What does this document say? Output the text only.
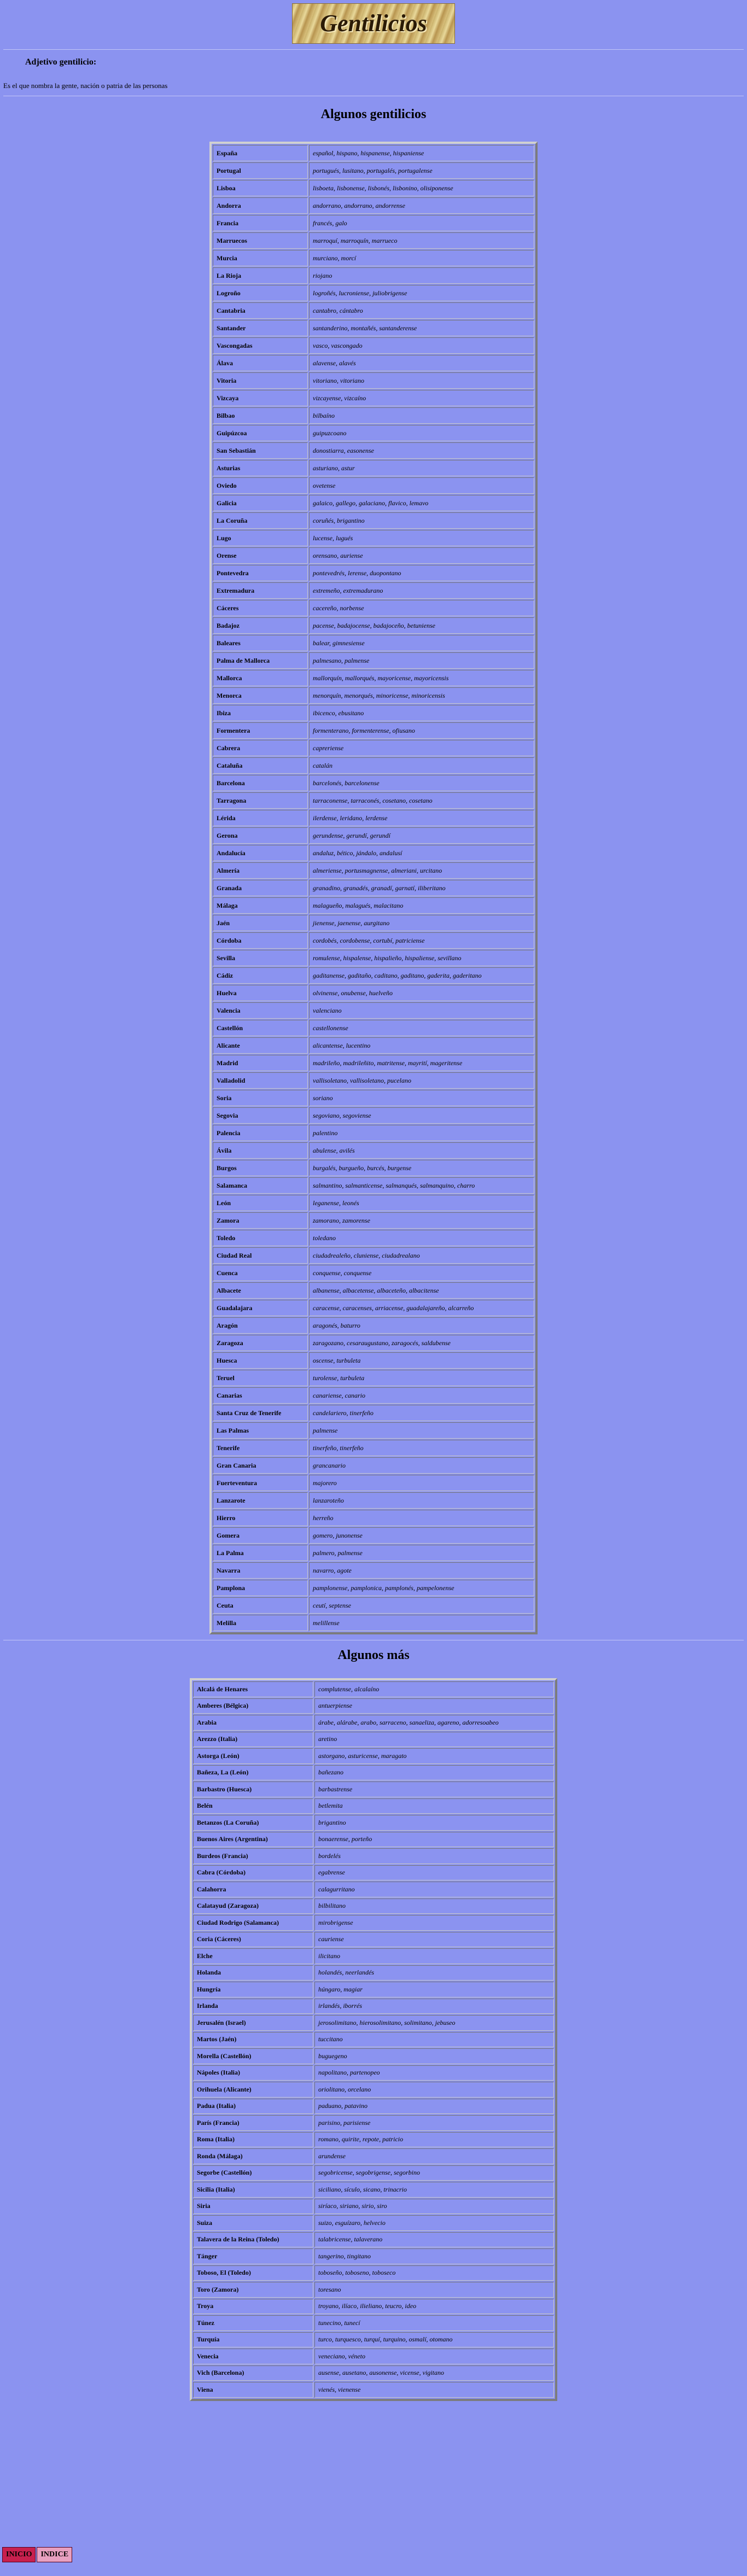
Gentilicios
Adjetivo gentilicio:
Es el que nombra la gente, nación o patria de las personas
Algunos gentilicios
España	español, hispano, hispanense, hispaniense
Portugal	portugués, lusitano, portugalés, portugalense
Lisboa	lisboeta, lisbonense, lisbonés, lisbonino, olisiponense
Andorra	andorrano, andorrano, andorrense
Francia	francés, galo
Marruecos	marroquí, marroquín, marrueco
Murcia	murciano, morcí
La Rioja	riojano
Logroño	logroñés, lucroniense, juliobrigense
Cantabria	cantabro, cántabro
Santander	santanderino, montañés, santanderense
Vascongadas	vasco, vascongado
Álava	alavense, alavés
Vitoria	vitoriano, vitoriano
Vizcaya	vizcayense, vizcaíno
Bilbao	bilbaíno
Guipúzcoa	guipuzcoano
San Sebastián	donostiarra, easonense
Asturias	asturiano, astur
Oviedo	ovetense
Galicia	galaico, gallego, galaciano, flavico, lemavo
La Coruña	coruñés, brigantino
Lugo	lucense, lugués
Orense	orensano, auriense
Pontevedra	pontevedrés, lerense, duopontano
Extremadura	extremeño, extremadurano
Cáceres	cacereño, norbense
Badajoz	pacense, badajocense, badajoceño, betuniense
Baleares	balear, gimnesiense
Palma de Mallorca	palmesano, palmense
Mallorca	mallorquín, mallorqués, mayoricense, mayoricensis
Menorca	menorquín, menorqués, minoricense, minoricensis
Ibiza	ibicenco, ebusitano
Formentera	formenterano, formenterense, ofiusano
Cabrera	capreriense
Cataluña	catalán
Barcelona	barcelonés, barcelonense
Tarragona	tarraconense, tarraconés, cosetano, cosetano
Lérida	ilerdense, leridano, lerdense
Gerona	gerundense, gerundí, gerundí
Andalucía	andaluz, bético, jándalo, andalusí
Almería	almeriense, portusmagnense, almeriani, urcitano
Granada	granadino, granadés, granadí, garnatí, iliberitano
Málaga	malagueño, malagués, malacitano
Jaén	jienense, jaenense, aurgitano
Córdoba	cordobés, cordobense, cortubí, patriciense
Sevilla	romulense, hispalense, hispalieño, hispaliense, sevillano
Cádiz	gaditanense, gaditaño, caditano, gaditano, gaderita, gaderitano
Huelva	olvinense, onubense, huelveño
Valencia	valenciano
Castellón	castellonense
Alicante	alicantense, lucentino
Madrid	madrileño, madrileñito, matritense, mayrití, mageritense
Valladolid	vallisoletano, vallisoletanо, pucelano
Soria	soriano
Segovia	segoviano, segoviense
Palencia	palentino
Ávila	abulense, avilés
Burgos	burgalés, burgueño, burcés, burgense
Salamanca	salmantino, salmanticense, salmanqués, salmanquino, charro
León	leganense, leonés
Zamora	zamorano, zamorense
Toledo	toledano
Ciudad Real	ciudadrealeño, cluniense, ciudadrealano
Cuenca	conquense, conquense
Albacete	albanense, albacetense, albaceteño, albacitense
Guadalajara	caracense, caracenses, arriacense, guadalajareño, alcarreño
Aragón	aragonés, baturro
Zaragoza	zaragozano, cesaraugustano, zaragocés, saldubense
Huesca	oscense, turbuleta
Teruel	turolense, turbuleta
Canarias	canariense, canario
Santa Cruz de Tenerife	candelariero, tinerfeño
Las Palmas	palmense
Tenerife	tinerfeño, tinerfeño
Gran Canaria	grancanario
Fuerteventura	majorero
Lanzarote	lanzaroteño
Hierro	herreño
Gomera	gomero, junonense
La Palma	palmero, palmense
Navarra	navarro, agote
Pamplona	pamplonense, pamplonica, pamplonés, pampelonense
Ceuta	ceutí, septense
Melilla	melillense
Algunos más
Alcalá de Henares	complutense, alcalaíno
Amberes (Bélgica)	antuerpiense
Arabia	árabe, alárabe, arabo, sarraceno, sanaeliza, agareno, adorresoabeo
Arezzo (Italia)	aretino
Astorga (León)	astorgano, asturicense, maragato
Bañeza, La (León)	bañezano
Barbastro (Huesca)	barbastrense
Belén	betlemita
Betanzos (La Coruña)	brigantino
Buenos Aires (Argentina)	bonaerense, porteño
Burdeos (Francia)	bordelés
Cabra (Córdoba)	egabrense
Calahorra	calagurritano
Calatayud (Zaragoza)	bilbilitano
Ciudad Rodrigo (Salamanca)	mirobrigense
Coria (Cáceres)	cauriense
Elche	ilicitano
Holanda	holandés, neerlandés
Hungría	húngaro, magiar
Irlanda	irlandés, iborrés
Jerusalén (Israel)	jerosolimitano, hierosolimitano, solimitano, jebuseo
Martos (Jaén)	tuccitano
Morella (Castellón)	buguegeno
Nápoles (Italia)	napolitano, partenopeo
Orihuela (Alicante)	oriolitano, orcelano
Padua (Italia)	paduano, patavino
París (Francia)	parisino, parisiense
Roma (Italia)	romano, quirite, repote, patricio
Ronda (Málaga)	arundense
Segorbe (Castellón)	segobricense, segobrigense, segorbino
Sicilia (Italia)	siciliano, sículo, sicano, trinacrio
Siria	siríaco, siriano, sirio, siro
Suiza	suizo, esguízaro, helvecio
Talavera de la Reina (Toledo)	talabricense, talaverano
Tánger	tangerino, tingitano
Toboso, El (Toledo)	toboseño, toboseno, toboseco
Toro (Zamora)	toresano
Troya	troyano, ilíaco, ilieliano, teucro, ideo
Túnez	tunecino, tunecí
Turquía	turco, turquesco, turquí, turquino, osmalí, otomano
Venecia	veneciano, véneto
Vich (Barcelona)	ausense, ausetano, ausonense, vicense, vigitano
Viena	vienés, vienense
INICIO INDICE
